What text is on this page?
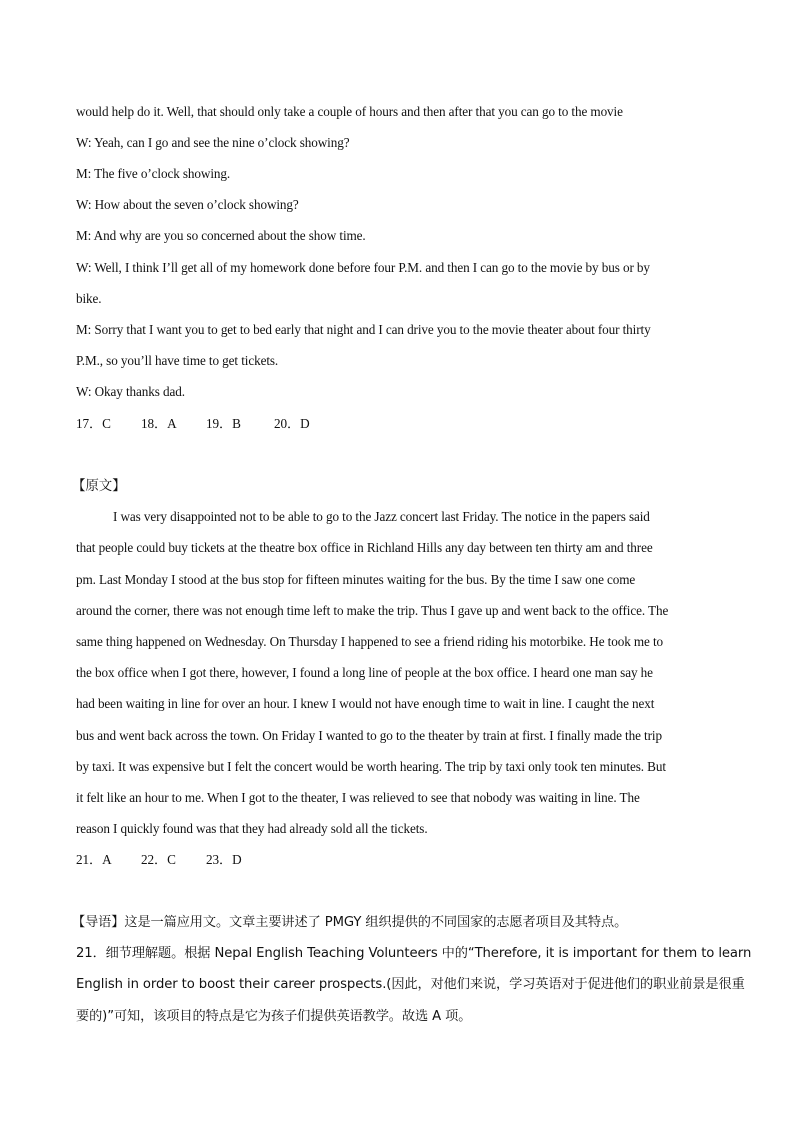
would help do it. Well, that should only take a couple of hours and then after that you can go to the movie
W: Yeah, can I go and see the nine o’clock showing?
M: The five o’clock showing.
W: How about the seven o’clock showing?
M: And why are you so concerned about the show time.
W: Well, I think I’ll get all of my homework done before four P.M. and then I can go to the movie by bus or by
bike.
M: Sorry that I want you to get to bed early that night and I can drive you to the movie theater about four thirty
P.M., so you’ll have time to get tickets.
W: Okay thanks dad.
17．C 18．A 19．B	20．D
【原文】
I was very disappointed not to be able to go to the Jazz concert last Friday. The notice in the papers said
that people could buy tickets at the theatre box office in Richland Hills any day between ten thirty am and three
pm. Last Monday I stood at the bus stop for fifteen minutes waiting for the bus. By the time I saw one come
around the corner, there was not enough time left to make the trip. Thus I gave up and went back to the office. The
same thing happened on Wednesday. On Thursday I happened to see a friend riding his motorbike. He took me to
the box office when I got there, however, I found a long line of people at the box office. I heard one man say he
had been waiting in line for over an hour. I knew I would not have enough time to wait in line. I caught the next
bus and went back across the town. On Friday I wanted to go to the theater by train at first. I finally made the trip
by taxi. It was expensive but I felt the concert would be worth hearing. The trip by taxi only took ten minutes. But
it felt like an hour to me. When I got to the theater, I was relieved to see that nobody was waiting in line. The
reason I quickly found was that they had already sold all the tickets.
21．A 22．C 23．D
【导语】这是一篇应用文。文章主要讲述了 PMGY 组织提供的不同国家的志愿者项目及其特点。
21．细节理解题。根据 Nepal English Teaching Volunteers 中的“Therefore, it is important for them to learn
English in order to boost their career prospects.(因此，对他们来说，学习英语对于促进他们的职业前景是很重
要的)”可知，该项目的特点是它为孩子们提供英语教学。故选 A 项。
